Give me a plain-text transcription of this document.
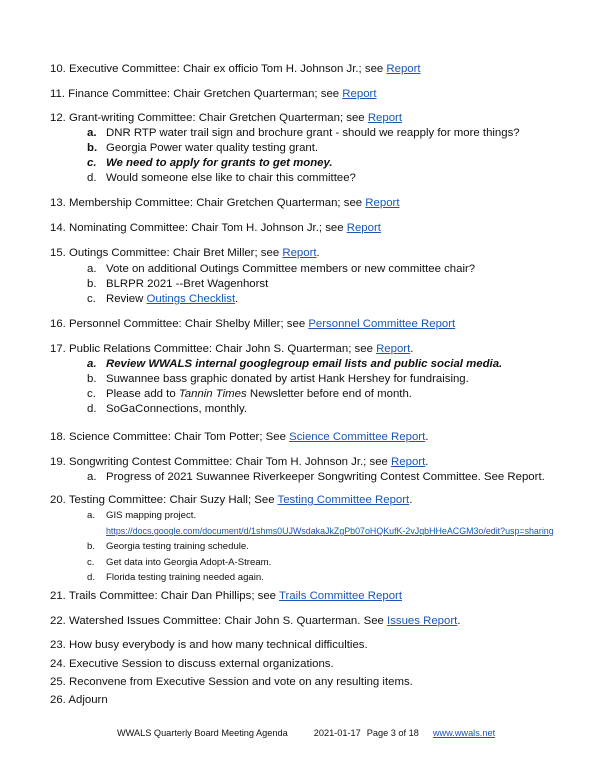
10. Executive Committee: Chair ex officio Tom H. Johnson Jr.; see Report
11. Finance Committee: Chair Gretchen Quarterman; see Report
12. Grant-writing Committee: Chair Gretchen Quarterman; see Report
a. DNR RTP water trail sign and brochure grant - should we reapply for more things?
b. Georgia Power water quality testing grant.
c. We need to apply for grants to get money.
d. Would someone else like to chair this committee?
13. Membership Committee: Chair Gretchen Quarterman; see Report
14. Nominating Committee: Chair Tom H. Johnson Jr.; see Report
15. Outings Committee: Chair Bret Miller; see Report.
a. Vote on additional Outings Committee members or new committee chair?
b. BLRPR 2021 --Bret Wagenhorst
c. Review Outings Checklist.
16. Personnel Committee: Chair Shelby Miller; see Personnel Committee Report
17. Public Relations Committee: Chair John S. Quarterman; see Report.
a. Review WWALS internal googlegroup email lists and public social media.
b. Suwannee bass graphic donated by artist Hank Hershey for fundraising.
c. Please add to Tannin Times Newsletter before end of month.
d. SoGaConnections, monthly.
18. Science Committee: Chair Tom Potter; See Science Committee Report.
19. Songwriting Contest Committee: Chair Tom H. Johnson Jr.; see Report.
a. Progress of 2021 Suwannee Riverkeeper Songwriting Contest Committee. See Report.
20. Testing Committee: Chair Suzy Hall; See Testing Committee Report.
a.	GIS mapping project.
https://docs.google.com/document/d/1shms0UJWsdakaJkZgPb07oHQKufK-2vJqbHHeACGM3o/edit?usp=sharing
b.	Georgia testing training schedule.
c.	Get data into Georgia Adopt-A-Stream.
d.	Florida testing training needed again.
21. Trails Committee: Chair Dan Phillips; see Trails Committee Report
22. Watershed Issues Committee: Chair John S. Quarterman. See Issues Report.
23. How busy everybody is and how many technical difficulties.
24. Executive Session to discuss external organizations.
25. Reconvene from Executive Session and vote on any resulting items.
26. Adjourn
WWALS Quarterly Board Meeting Agenda	2021-01-17 Page 3 of 18 www.wwals.net
